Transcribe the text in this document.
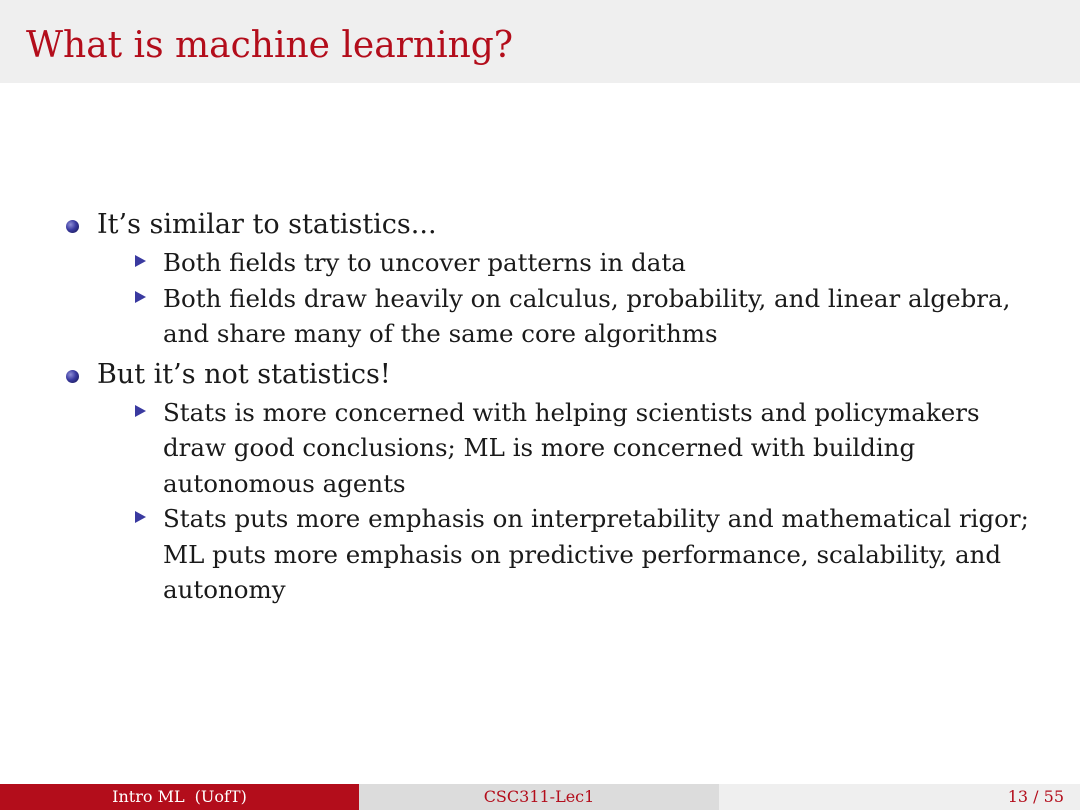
What is machine learning?
It’s similar to statistics...
Both fields try to uncover patterns in data
Both fields draw heavily on calculus, probability, and linear algebra, and share many of the same core algorithms
But it’s not statistics!
Stats is more concerned with helping scientists and policymakers draw good conclusions; ML is more concerned with building autonomous agents
Stats puts more emphasis on interpretability and mathematical rigor; ML puts more emphasis on predictive performance, scalability, and autonomy
Intro ML (UofT)	CSC311-Lec1	13 / 55
